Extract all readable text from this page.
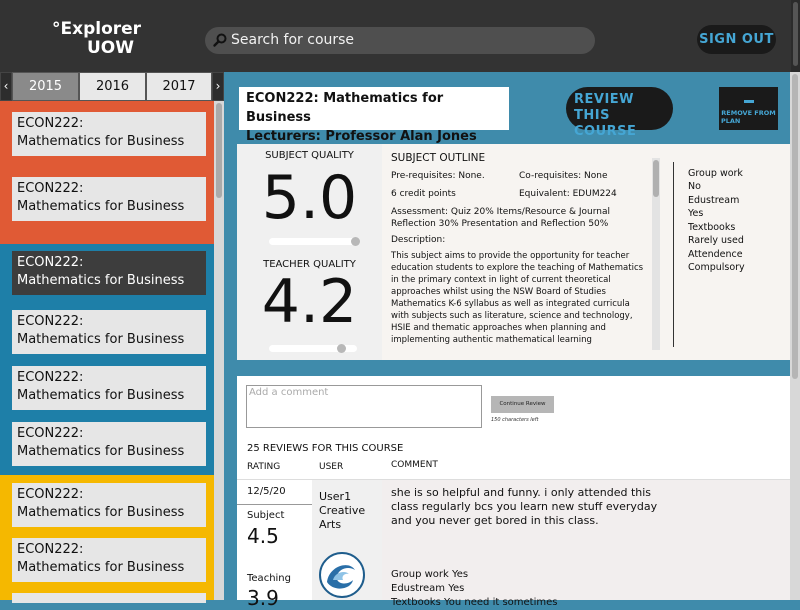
°Explorer
UOW	Search for course	SIGN OUT
‹	2015	2016	2017	›
ECON222:
Mathematics for Business
ECON222:
Mathematics for Business
ECON222:
Mathematics for Business
ECON222:
Mathematics for Business
ECON222:
Mathematics for Business
ECON222:
Mathematics for Business
ECON222:
Mathematics for Business
ECON222:
Mathematics for Business
ECON222: Mathematics for Business
Lecturers: Professor Alan Jones
REVIEW THIS
COURSE
REMOVE FROM
PLAN
SUBJECT QUALITY
5.0
TEACHER QUALITY
4.2
SUBJECT OUTLINE
Pre-requisites: None.	Co-requisites: None
6 credit points	Equivalent: EDUM224
Assessment: Quiz 20% Items/Resource & Journal Reflection 30% Presentation and Reflection 50%
Description:
This subject aims to provide the opportunity for teacher education students to explore the teaching of Mathematics in the primary context in light of current theoretical approaches whilst using the NSW Board of Studies Mathematics K-6 syllabus as well as integrated curricula with subjects such as literature, science and technology, HSIE and thematic approaches when planning and implementing authentic mathematical learning
Group work
No
Edustream
Yes
Textbooks
Rarely used
Attendence
Compulsory
Add a comment
Continue Review
150 characters left
25 REVIEWS FOR THIS COURSE
RATING	USER	COMMENT
12/5/20
Subject
4.5
Teaching
3.9
User1
Creative
Arts
she is so helpful and funny. i only attended this class regularly bcs you learn new stuff everyday and you never get bored in this class.
Group work Yes
Edustream Yes
Textbooks You need it sometimes
